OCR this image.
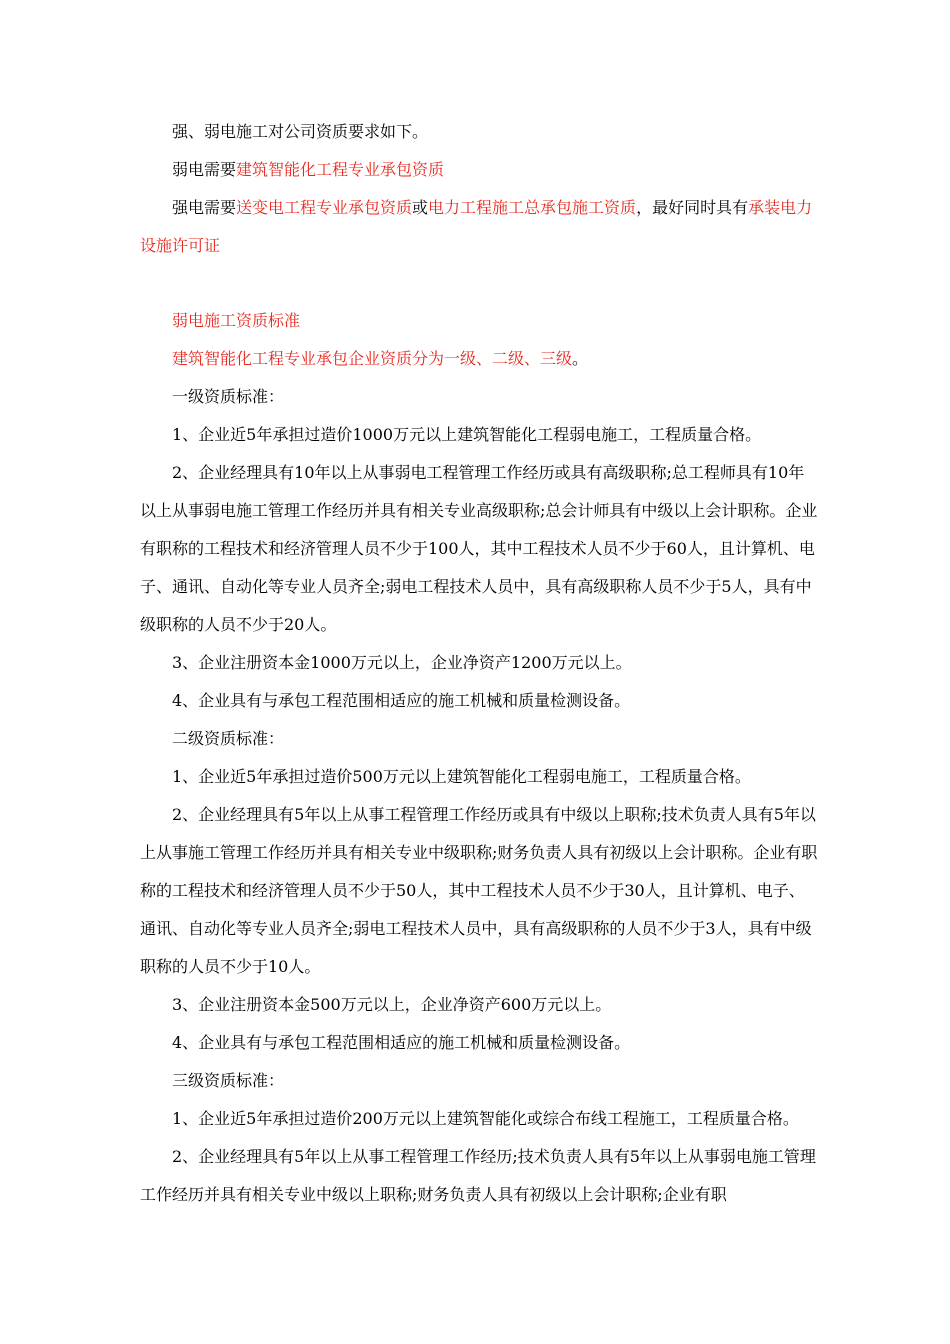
强、弱电施工对公司资质要求如下。

弱电需要建筑智能化工程专业承包资质

强电需要送变电工程专业承包资质或电力工程施工总承包施工资质，最好同时具有承装电力设施许可证

弱电施工资质标准

建筑智能化工程专业承包企业资质分为一级、二级、三级。

一级资质标准：

1、企业近5年承担过造价1000万元以上建筑智能化工程弱电施工，工程质量合格。

2、企业经理具有10年以上从事弱电工程管理工作经历或具有高级职称;总工程师具有10年以上从事弱电施工管理工作经历并具有相关专业高级职称;总会计师具有中级以上会计职称。企业有职称的工程技术和经济管理人员不少于100人，其中工程技术人员不少于60人，且计算机、电子、通讯、自动化等专业人员齐全;弱电工程技术人员中，具有高级职称人员不少于5人，具有中级职称的人员不少于20人。

3、企业注册资本金1000万元以上，企业净资产1200万元以上。

4、企业具有与承包工程范围相适应的施工机械和质量检测设备。

二级资质标准：

1、企业近5年承担过造价500万元以上建筑智能化工程弱电施工，工程质量合格。

2、企业经理具有5年以上从事工程管理工作经历或具有中级以上职称;技术负责人具有5年以上从事施工管理工作经历并具有相关专业中级职称;财务负责人具有初级以上会计职称。企业有职称的工程技术和经济管理人员不少于50人，其中工程技术人员不少于30人，且计算机、电子、通讯、自动化等专业人员齐全;弱电工程技术人员中，具有高级职称的人员不少于3人，具有中级职称的人员不少于10人。

3、企业注册资本金500万元以上，企业净资产600万元以上。

4、企业具有与承包工程范围相适应的施工机械和质量检测设备。

三级资质标准：

1、企业近5年承担过造价200万元以上建筑智能化或综合布线工程施工，工程质量合格。

2、企业经理具有5年以上从事工程管理工作经历;技术负责人具有5年以上从事弱电施工管理工作经历并具有相关专业中级以上职称;财务负责人具有初级以上会计职称;企业有职
